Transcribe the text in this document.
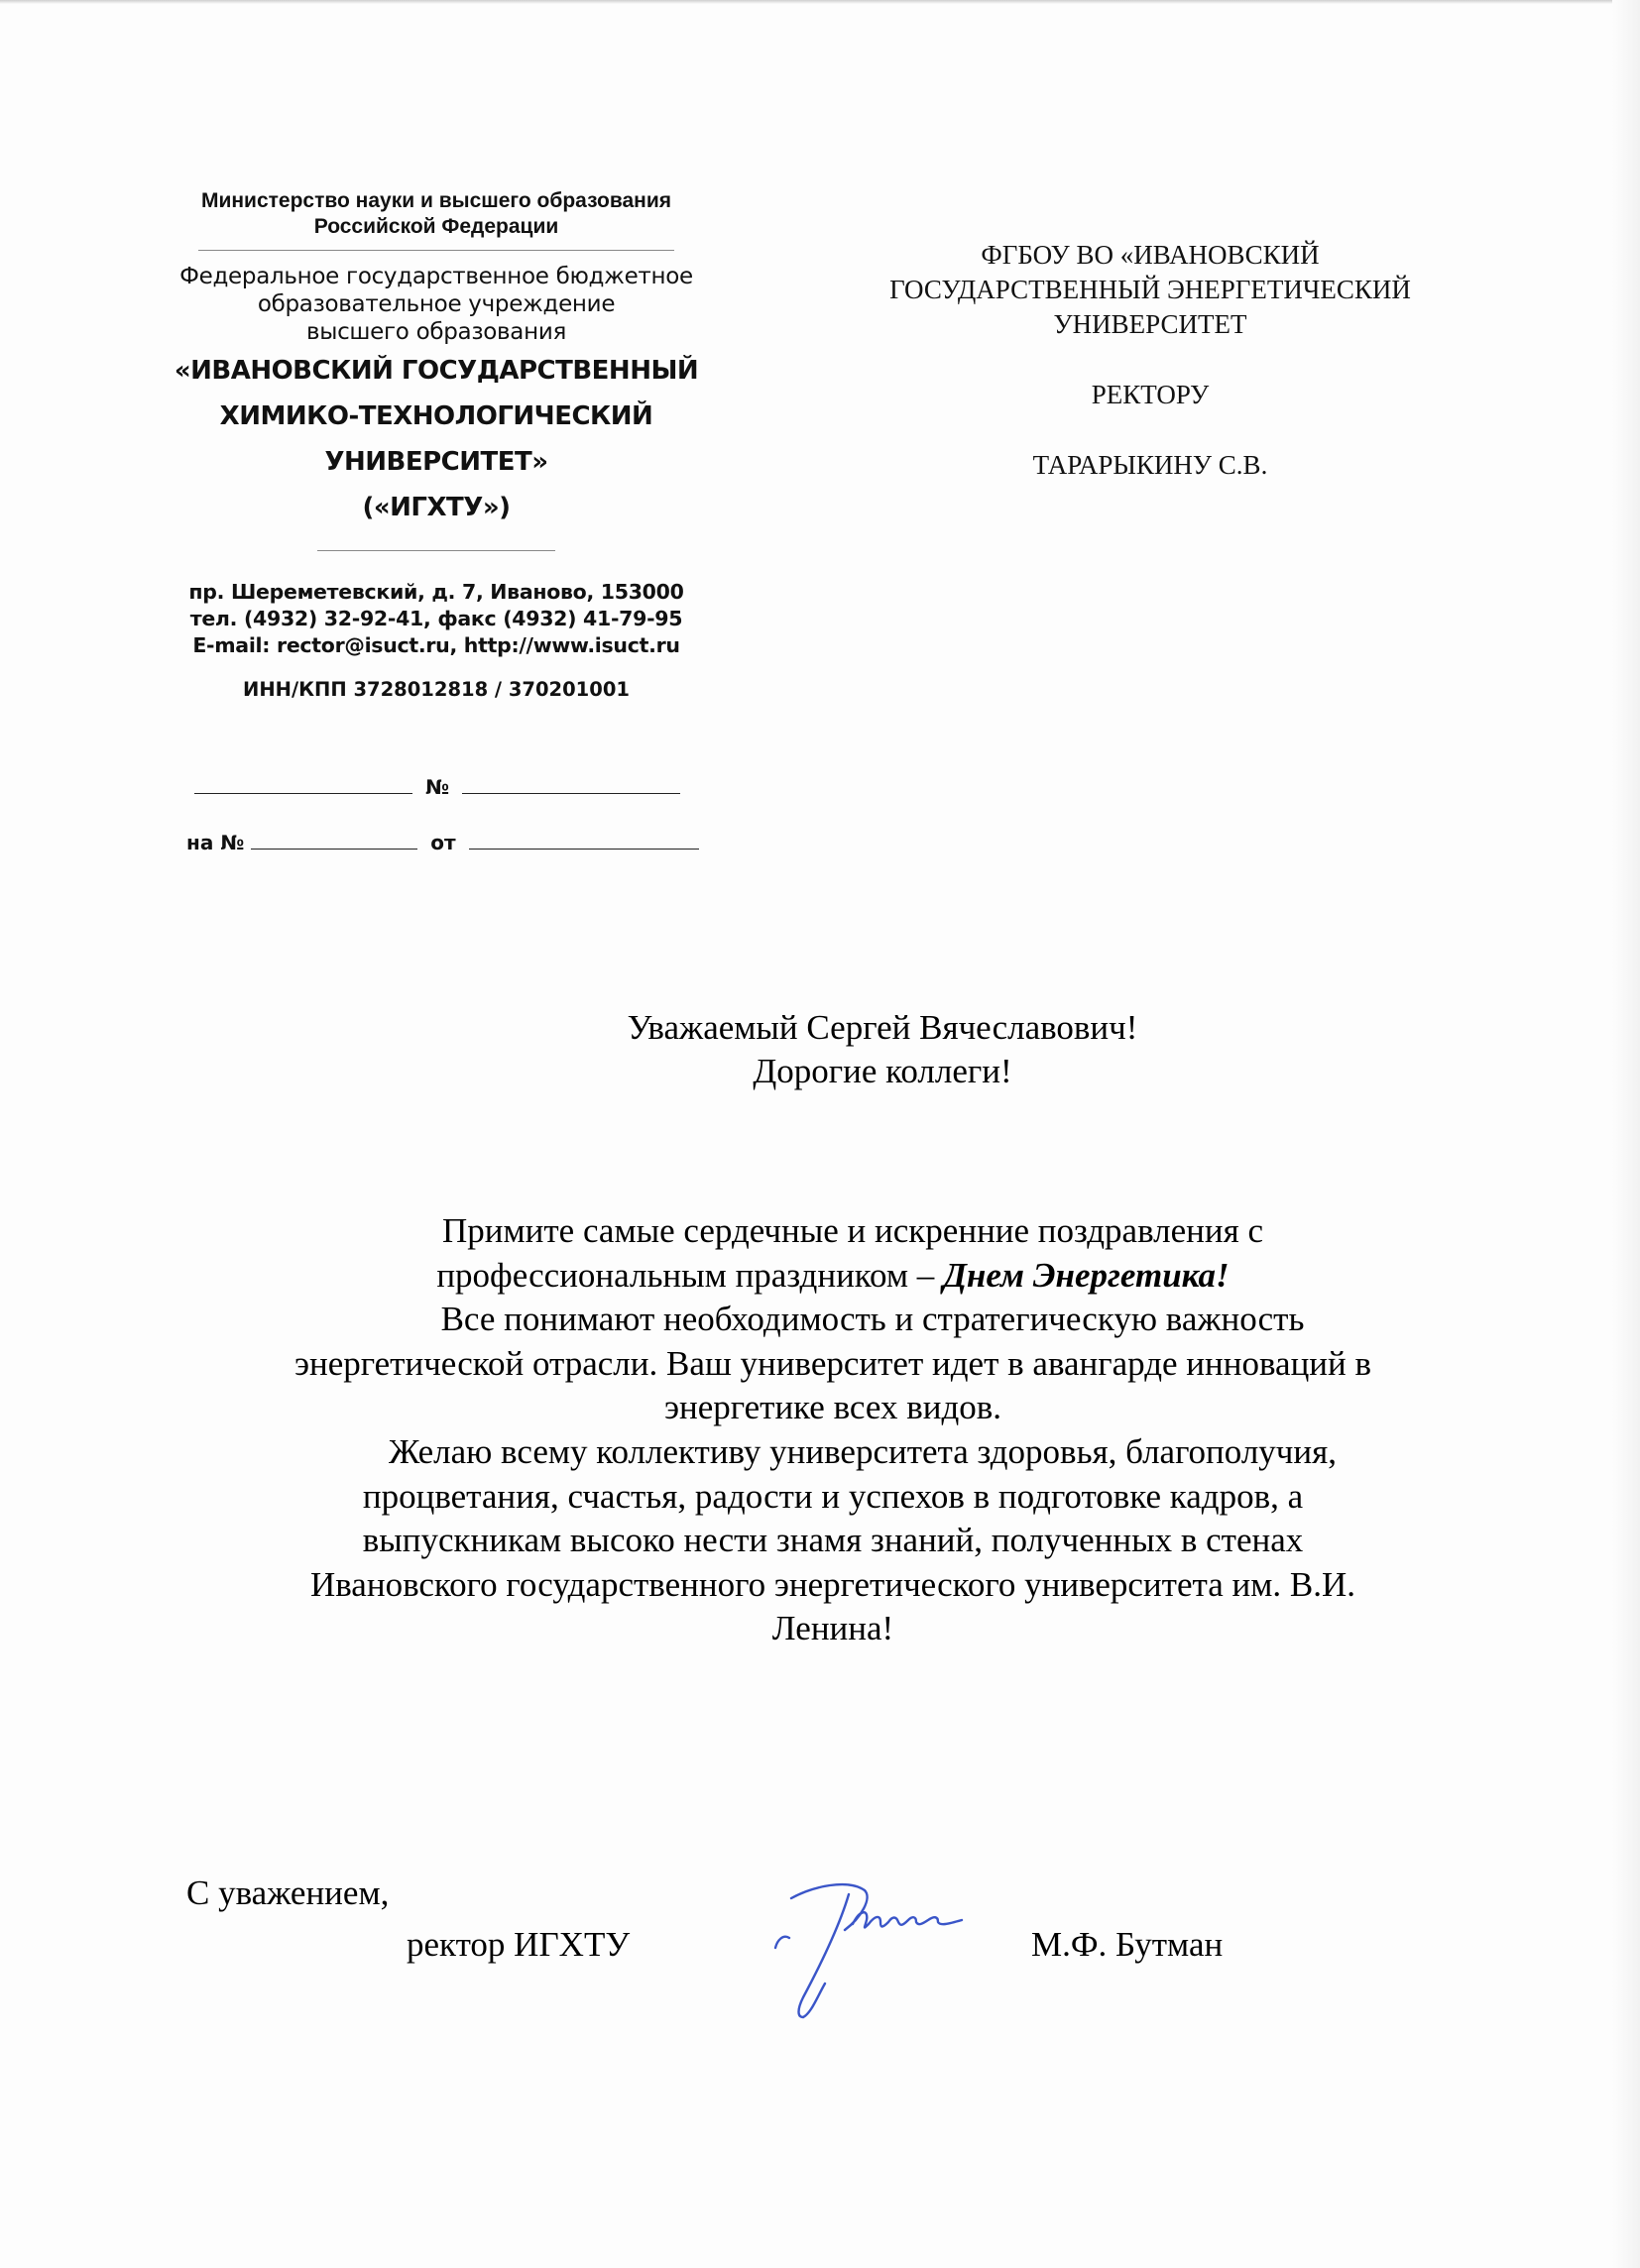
Министерство науки и высшего образования
Российской Федерации
Федеральное государственное бюджетное
образовательное учреждение
высшего образования
«ИВАНОВСКИЙ ГОСУДАРСТВЕННЫЙ
ХИМИКО-ТЕХНОЛОГИЧЕСКИЙ
УНИВЕРСИТЕТ»
(«ИГХТУ»)
пр. Шереметевский, д. 7, Иваново, 153000
тел. (4932) 32-92-41, факс (4932) 41-79-95
E-mail: rector@isuct.ru, http://www.isuct.ru
ИНН/КПП 3728012818 / 370201001
№
на №	от
ФГБОУ ВО «ИВАНОВСКИЙ
ГОСУДАРСТВЕННЫЙ ЭНЕРГЕТИЧЕСКИЙ
УНИВЕРСИТЕТ
РЕКТОРУ
ТАРАРЫКИНУ С.В.
Уважаемый Сергей Вячеславович!
Дорогие коллеги!
Примите самые сердечные и искренние поздравления с
профессиональным праздником – Днем Энергетика!
Все понимают необходимость и стратегическую важность
энергетической отрасли. Ваш университет идет в авангарде инноваций в
энергетике всех видов.
Желаю всему коллективу университета здоровья, благополучия,
процветания, счастья, радости и успехов в подготовке кадров, а
выпускникам высоко нести знамя знаний, полученных в стенах
Ивановского государственного энергетического университета им. В.И.
Ленина!
С уважением,
ректор ИГХТУ	М.Ф. Бутман
